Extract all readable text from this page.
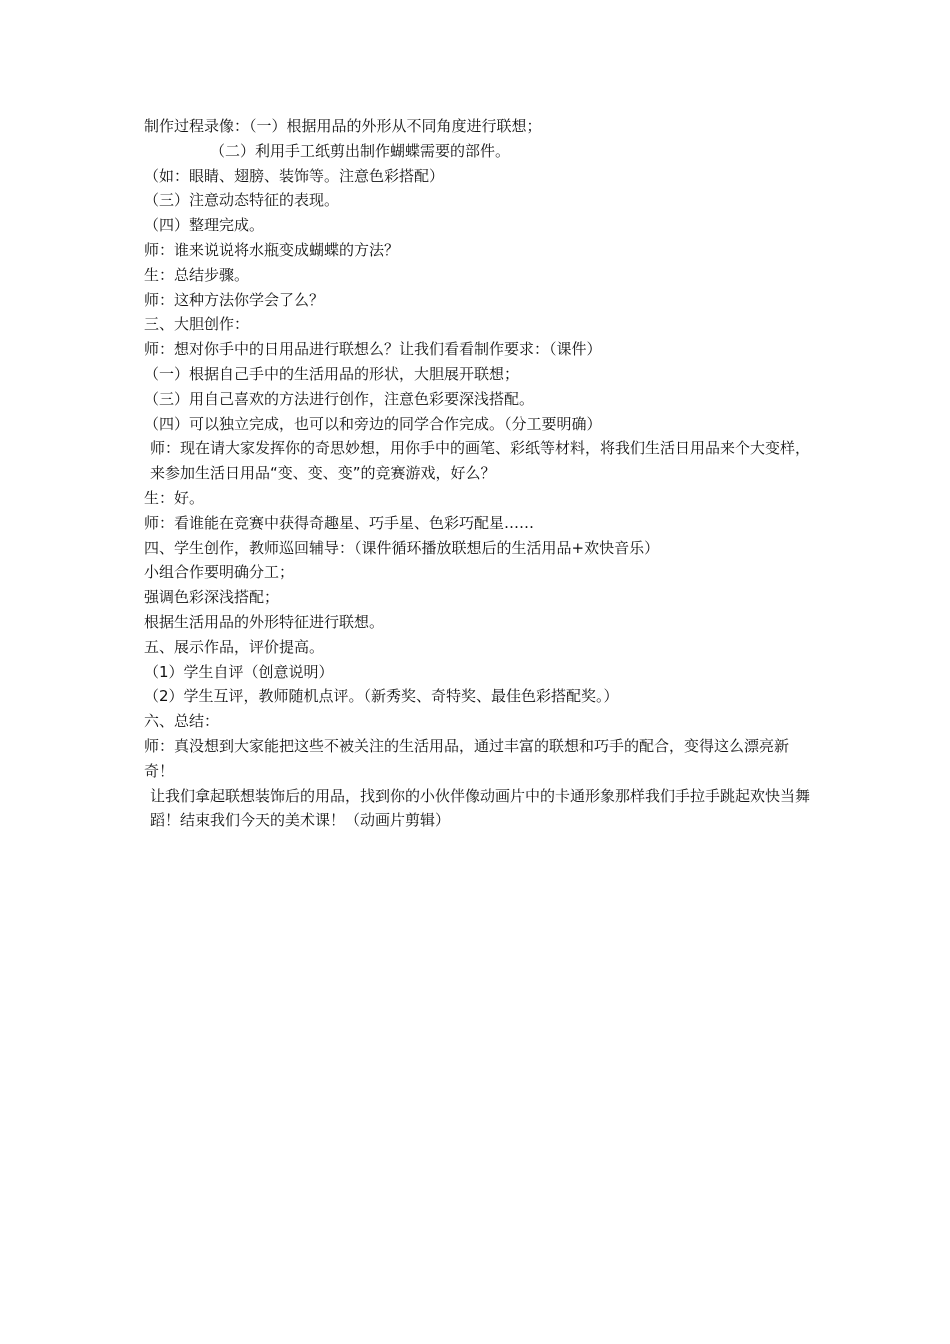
制作过程录像：（一）根据用品的外形从不同角度进行联想；

（二）利用手工纸剪出制作蝴蝶需要的部件。

（如：眼睛、翅膀、装饰等。注意色彩搭配）

（三）注意动态特征的表现。

（四）整理完成。

师：谁来说说将水瓶变成蝴蝶的方法？

生：总结步骤。

师：这种方法你学会了么？

三、大胆创作：

师：想对你手中的日用品进行联想么？让我们看看制作要求：（课件）

（一）根据自己手中的生活用品的形状，大胆展开联想；

（三）用自己喜欢的方法进行创作，注意色彩要深浅搭配。

（四）可以独立完成，也可以和旁边的同学合作完成。（分工要明确）

师：现在请大家发挥你的奇思妙想，用你手中的画笔、彩纸等材料，将我们生活日用品来个大变样，来参加生活日用品“变、变、变”的竞赛游戏，好么？

生：好。

师：看谁能在竞赛中获得奇趣星、巧手星、色彩巧配星……

四、学生创作，教师巡回辅导：（课件循环播放联想后的生活用品+欢快音乐）

小组合作要明确分工；

强调色彩深浅搭配；

根据生活用品的外形特征进行联想。

五、展示作品，评价提高。

（1）学生自评（创意说明）

（2）学生互评，教师随机点评。（新秀奖、奇特奖、最佳色彩搭配奖。）

六、总结：

师：真没想到大家能把这些不被关注的生活用品，通过丰富的联想和巧手的配合，变得这么漂亮新奇！

让我们拿起联想装饰后的用品，找到你的小伙伴像动画片中的卡通形象那样我们手拉手跳起欢快当舞蹈！结束我们今天的美术课！（动画片剪辑）
